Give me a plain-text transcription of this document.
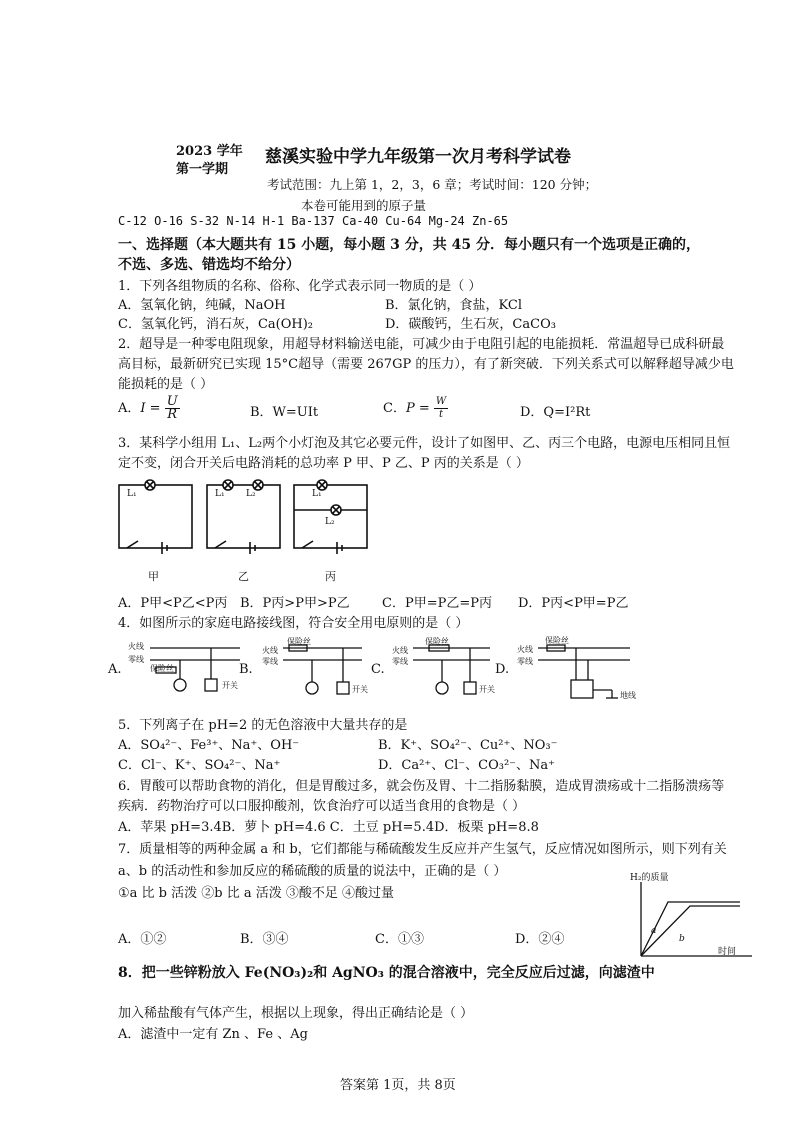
2023 学年
第一学期
慈溪实验中学九年级第一次月考科学试卷
考试范围：九上第 1，2，3，6 章；考试时间：120 分钟；
本卷可能用到的原子量
C-12 O-16 S-32 N-14 H-1 Ba-137 Ca-40 Cu-64 Mg-24 Zn-65
一、选择题（本大题共有 15 小题，每小题 3 分，共 45 分．每小题只有一个选项是正确的，
不选、多选、错选均不给分）
1．下列各组物质的名称、俗称、化学式表示同一物质的是（ ）
A．氢氧化钠，纯碱，NaOH	B．氯化钠，食盐，KCl
C．氢氧化钙，消石灰，Ca(OH)₂	D．碳酸钙，生石灰，CaCO₃
2．超导是一种零电阻现象，用超导材料输送电能，可减少由于电阻引起的电能损耗．常温超导已成科研最
高目标，最新研究已实现 15°C超导（需要 267GP 的压力），有了新突破．下列关系式可以解释超导减少电
能损耗的是（ ）
A．$I = \frac{U}{R}$	B．W=UIt	C．$P = \frac{W}{t}$	D．Q=I²Rt
3．某科学小组用 L₁、L₂两个小灯泡及其它必要元件，设计了如图甲、乙、丙三个电路，电源电压相同且恒
定不变，闭合开关后电路消耗的总功率 P 甲、P 乙、P 丙的关系是（ ）
L₁	L₁ L₂	L₁
L₂
甲	乙	丙
A．P甲<P乙<P丙 B．P丙>P甲>P乙 C．P甲=P乙=P丙 D．P丙<P甲=P乙
4．如图所示的家庭电路接线图，符合安全用电原则的是（ ）
A.	B.	C.	D.
火线
零线
保险丝
开关
火线
零线
保险丝
开关
火线
零线
保险丝
开关
火线
零线
保险丝
地线
5．下列离子在 pH=2 的无色溶液中大量共存的是
A．SO₄²⁻、Fe³⁺、Na⁺、OH⁻	B．K⁺、SO₄²⁻、Cu²⁺、NO₃⁻
C．Cl⁻、K⁺、SO₄²⁻、Na⁺	D．Ca²⁺、Cl⁻、CO₃²⁻、Na⁺
6．胃酸可以帮助食物的消化，但是胃酸过多，就会伤及胃、十二指肠黏膜，造成胃溃疡或十二指肠溃疡等
疾病．药物治疗可以口服抑酸剂，饮食治疗可以适当食用的食物是（ ）
A．苹果 pH=3.4B．萝卜 pH=4.6 C．土豆 pH=5.4D．板栗 pH=8.8
7．质量相等的两种金属 a 和 b，它们都能与稀硫酸发生反应并产生氢气，反应情况如图所示，则下列有关
a、b 的活动性和参加反应的稀硫酸的质量的说法中，正确的是（ ）
①a 比 b 活泼 ②b 比 a 活泼 ③酸不足 ④酸过量
A．①②	B．③④	C．①③	D．②④
H₂的质量
时间
a
b
8．把一些锌粉放入 Fe(NO₃)₂和 AgNO₃ 的混合溶液中，完全反应后过滤，向滤渣中
加入稀盐酸有气体产生，根据以上现象，得出正确结论是（ ）
A．滤渣中一定有 Zn 、Fe 、Ag
答案第 1页，共 8页
